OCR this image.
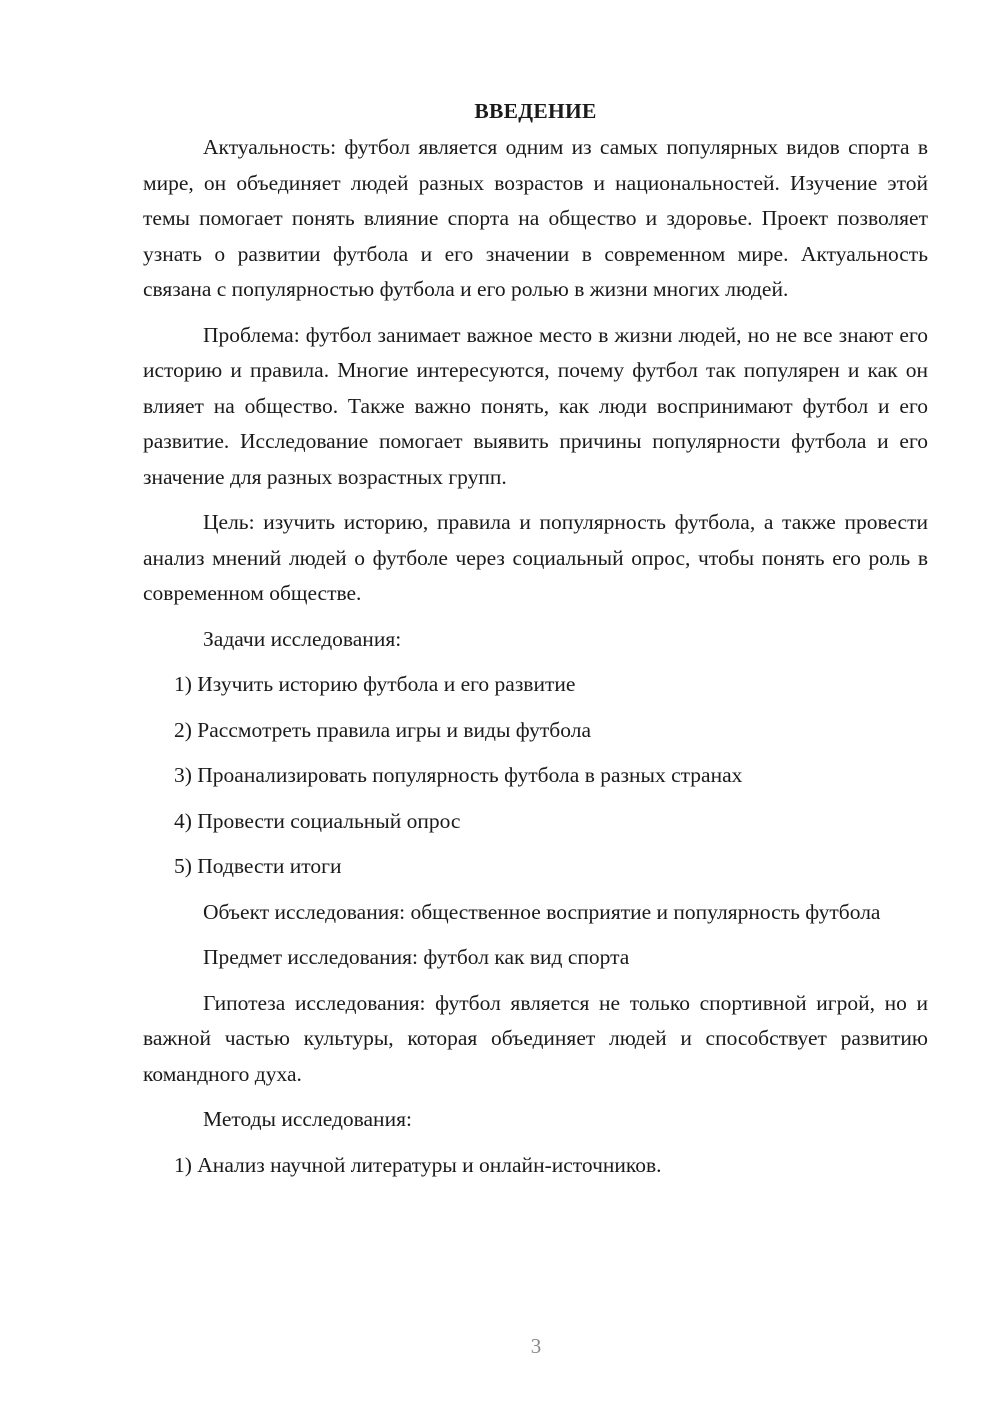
ВВЕДЕНИЕ

Актуальность: футбол является одним из самых популярных видов спорта в мире, он объединяет людей разных возрастов и национальностей. Изучение этой темы помогает понять влияние спорта на общество и здоровье. Проект позволяет узнать о развитии футбола и его значении в современном мире. Актуальность связана с популярностью футбола и его ролью в жизни многих людей.

Проблема: футбол занимает важное место в жизни людей, но не все знают его историю и правила. Многие интересуются, почему футбол так популярен и как он влияет на общество. Также важно понять, как люди воспринимают футбол и его развитие. Исследование помогает выявить причины популярности футбола и его значение для разных возрастных групп.

Цель: изучить историю, правила и популярность футбола, а также провести анализ мнений людей о футболе через социальный опрос, чтобы понять его роль в современном обществе.

Задачи исследования:

1) Изучить историю футбола и его развитие

2) Рассмотреть правила игры и виды футбола

3) Проанализировать популярность футбола в разных странах

4) Провести социальный опрос

5) Подвести итоги

Объект исследования: общественное восприятие и популярность футбола

Предмет исследования: футбол как вид спорта

Гипотеза исследования: футбол является не только спортивной игрой, но и важной частью культуры, которая объединяет людей и способствует развитию командного духа.

Методы исследования:

1) Анализ научной литературы и онлайн-источников.

3
